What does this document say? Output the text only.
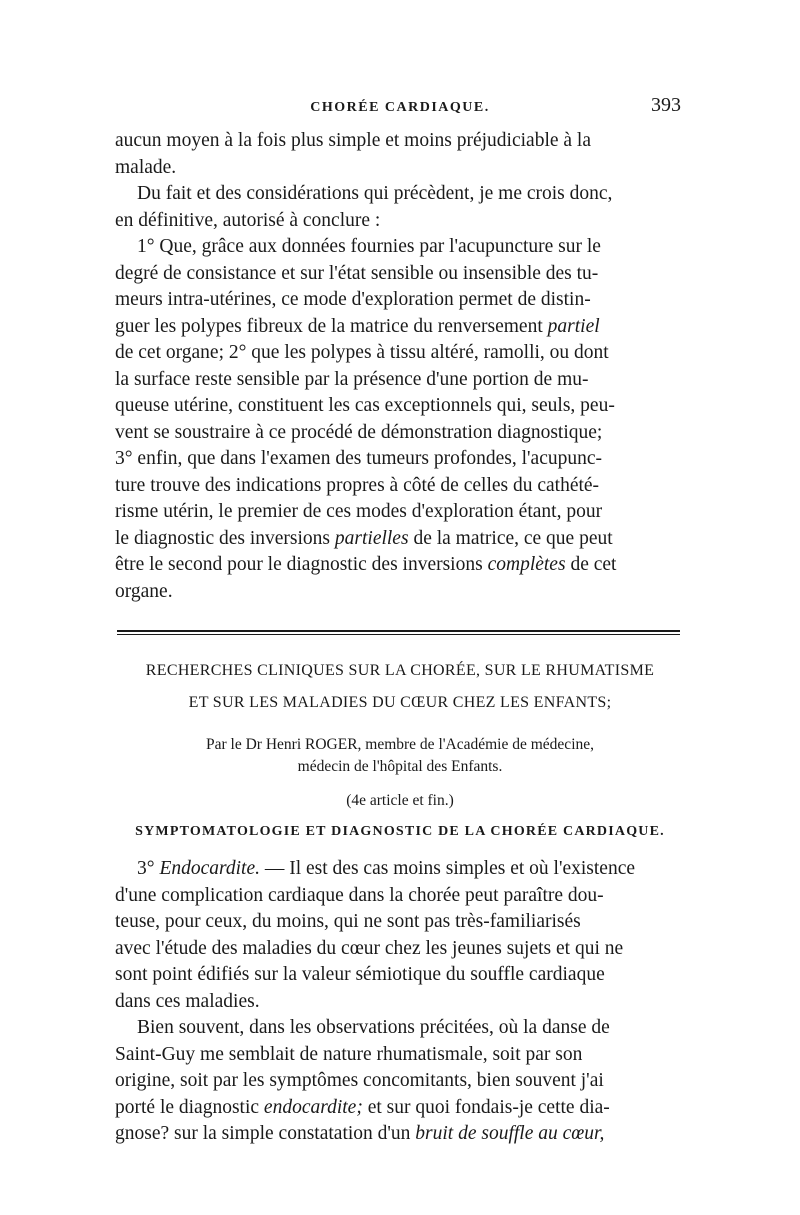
CHORÉE CARDIAQUE.	393

aucun moyen à la fois plus simple et moins préjudiciable à la

malade.

Du fait et des considérations qui précèdent, je me crois donc,

en définitive, autorisé à conclure :

1° Que, grâce aux données fournies par l'acupuncture sur le

degré de consistance et sur l'état sensible ou insensible des tu-

meurs intra-utérines, ce mode d'exploration permet de distin-

guer les polypes fibreux de la matrice du renversement partiel

de cet organe; 2° que les polypes à tissu altéré, ramolli, ou dont

la surface reste sensible par la présence d'une portion de mu-

queuse utérine, constituent les cas exceptionnels qui, seuls, peu-

vent se soustraire à ce procédé de démonstration diagnostique;

3° enfin, que dans l'examen des tumeurs profondes, l'acupunc-

ture trouve des indications propres à côté de celles du cathété-

risme utérin, le premier de ces modes d'exploration étant, pour

le diagnostic des inversions partielles de la matrice, ce que peut

être le second pour le diagnostic des inversions complètes de cet

organe.

RECHERCHES CLINIQUES SUR LA CHORÉE, SUR LE RHUMATISME
ET SUR LES MALADIES DU CŒUR CHEZ LES ENFANTS;
Par le Dr Henri ROGER, membre de l'Académie de médecine,
médecin de l'hôpital des Enfants.
(4e article et fin.)
SYMPTOMATOLOGIE ET DIAGNOSTIC DE LA CHORÉE CARDIAQUE.

3° Endocardite. — Il est des cas moins simples et où l'existence

d'une complication cardiaque dans la chorée peut paraître dou-

teuse, pour ceux, du moins, qui ne sont pas très-familiarisés

avec l'étude des maladies du cœur chez les jeunes sujets et qui ne

sont point édifiés sur la valeur sémiotique du souffle cardiaque

dans ces maladies.

Bien souvent, dans les observations précitées, où la danse de

Saint-Guy me semblait de nature rhumatismale, soit par son

origine, soit par les symptômes concomitants, bien souvent j'ai

porté le diagnostic endocardite; et sur quoi fondais-je cette dia-

gnose? sur la simple constatation d'un bruit de souffle au cœur,
